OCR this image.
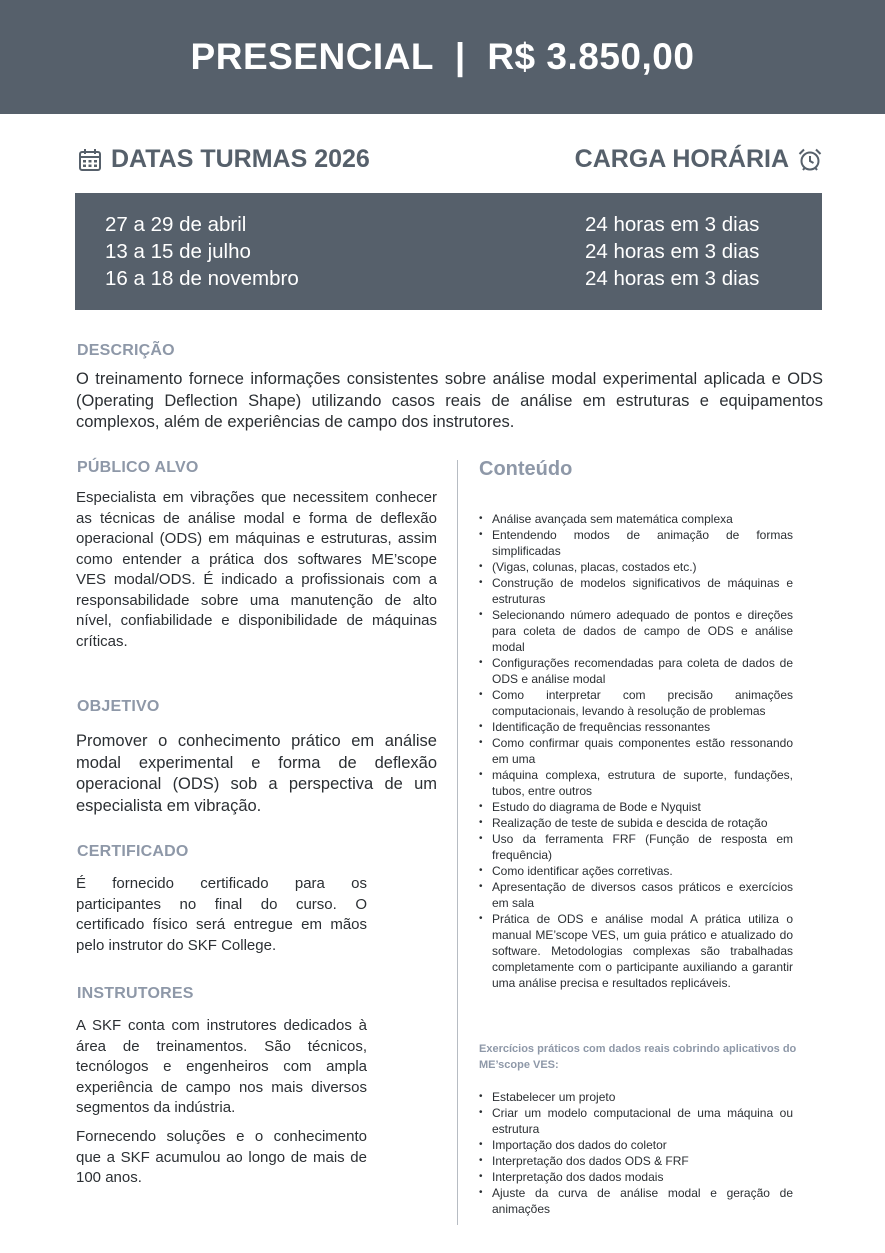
PRESENCIAL  |  R$ 3.850,00
DATAS TURMAS 2026	CARGA HORÁRIA
27 a 29 de abril
13 a 15 de julho
16 a 18 de novembro
24 horas em 3 dias
24 horas em 3 dias
24 horas em 3 dias
DESCRIÇÃO
O treinamento fornece informações consistentes sobre análise modal experimental aplicada e ODS (Operating Deflection Shape) utilizando casos reais de análise em estruturas e equipamentos complexos, além de experiências de campo dos instrutores.
PÚBLICO ALVO
Especialista em vibrações que necessitem conhecer as técnicas de análise modal e forma de deflexão operacional (ODS) em máquinas e estruturas, assim como entender a prática dos softwares ME’scope VES modal/ODS. É indicado a profissionais com a responsabilidade sobre uma manutenção de alto nível, confiabilidade e disponibilidade de máquinas críticas.
OBJETIVO
Promover o conhecimento prático em análise modal experimental e forma de deflexão operacional (ODS) sob a perspectiva de um especialista em vibração.
CERTIFICADO
É fornecido certificado para os participantes no final do curso. O certificado físico será entregue em mãos pelo instrutor do SKF College.
INSTRUTORES
A SKF conta com instrutores dedicados à área de treinamentos. São técnicos, tecnólogos e engenheiros com ampla experiência de campo nos mais diversos segmentos da indústria.
Fornecendo soluções e o conhecimento que a SKF acumulou ao longo de mais de 100 anos.
Conteúdo
• Análise avançada sem matemática complexa
• Entendendo modos de animação de formas simplificadas
• (Vigas, colunas, placas, costados etc.)
• Construção de modelos significativos de máquinas e estruturas
• Selecionando número adequado de pontos e direções para coleta de dados de campo de ODS e análise modal
• Configurações recomendadas para coleta de dados de ODS e análise modal
• Como interpretar com precisão animações computacionais, levando à resolução de problemas
• Identificação de frequências ressonantes
• Como confirmar quais componentes estão ressonando em uma
• máquina complexa, estrutura de suporte, fundações, tubos, entre outros
• Estudo do diagrama de Bode e Nyquist
• Realização de teste de subida e descida de rotação
• Uso da ferramenta FRF (Função de resposta em frequência)
• Como identificar ações corretivas.
• Apresentação de diversos casos práticos e exercícios em sala
• Prática de ODS e análise modal A prática utiliza o manual ME’scope VES, um guia prático e atualizado do software. Metodologias complexas são trabalhadas completamente com o participante auxiliando a garantir uma análise precisa e resultados replicáveis.
Exercícios práticos com dados reais cobrindo aplicativos do ME’scope VES:
• Estabelecer um projeto
• Criar um modelo computacional de uma máquina ou estrutura
• Importação dos dados do coletor
• Interpretação dos dados ODS & FRF
• Interpretação dos dados modais
• Ajuste da curva de análise modal e geração de animações
